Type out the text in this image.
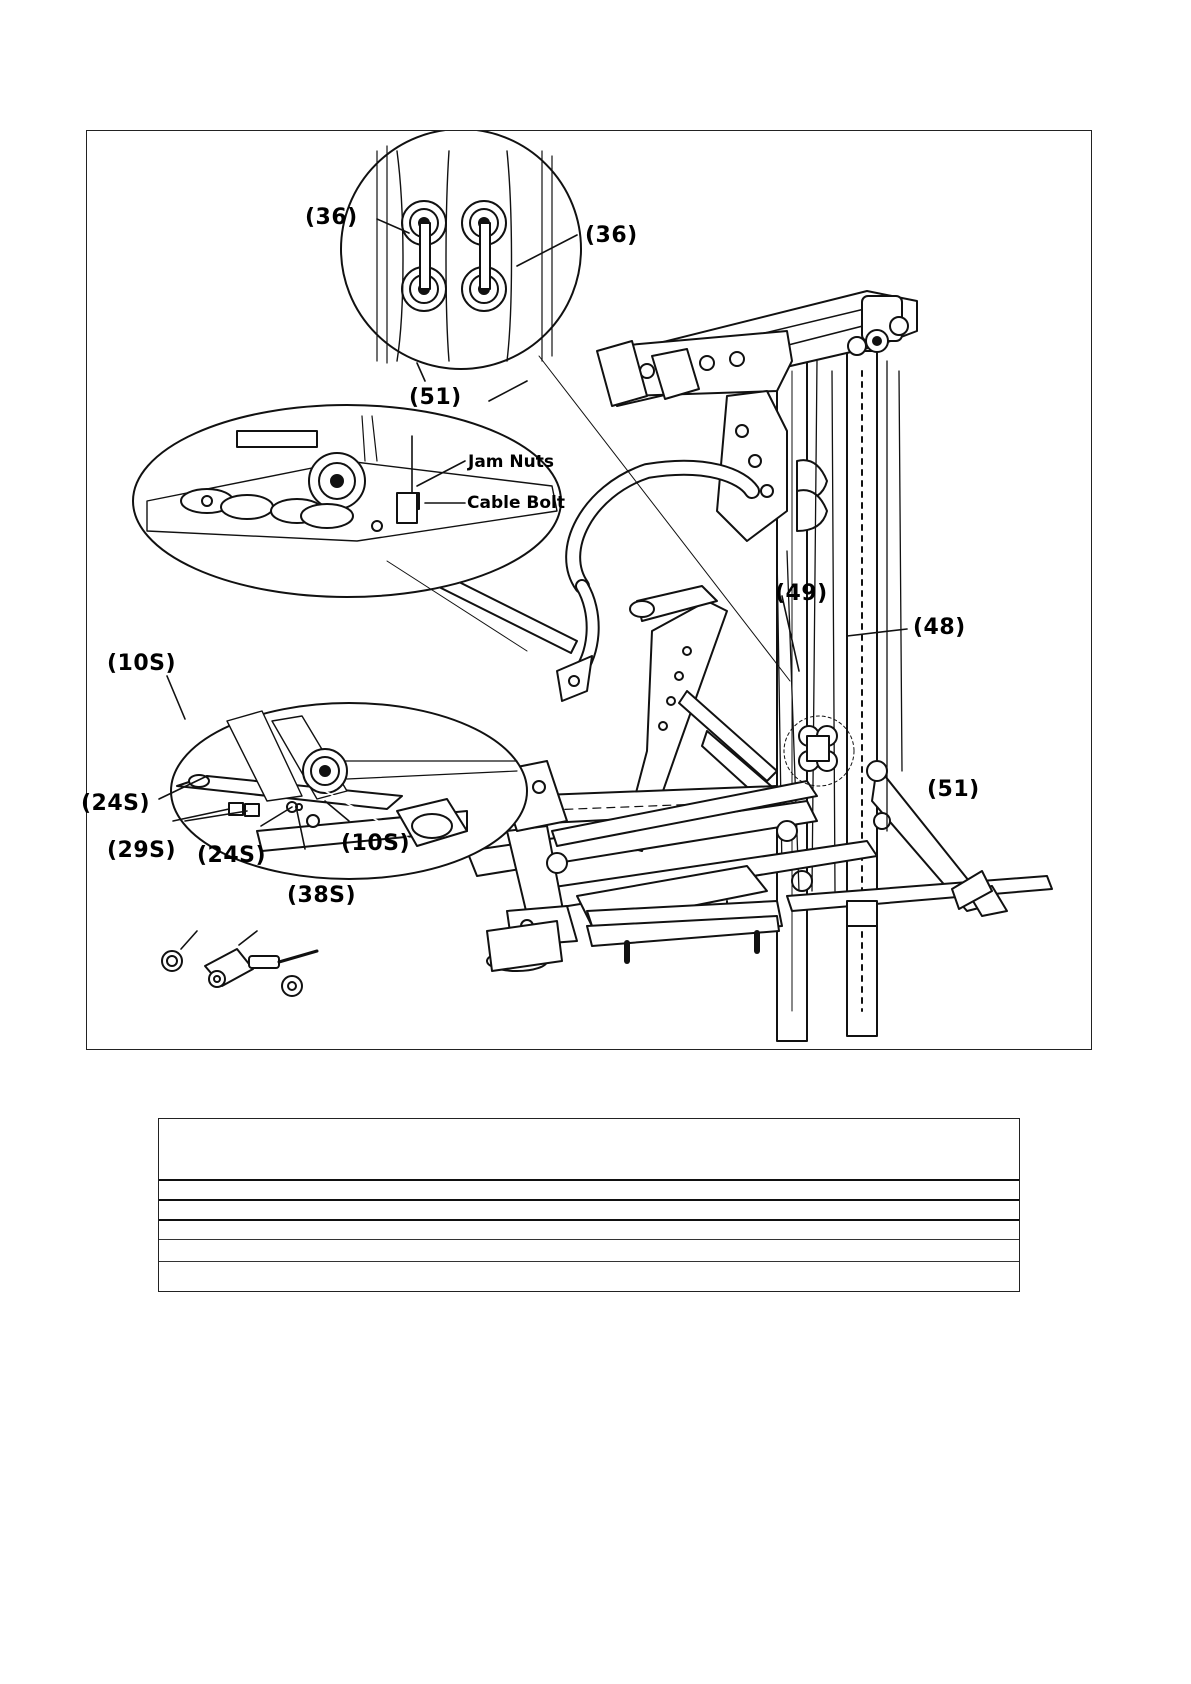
(36)
(36)
(51)
Jam Nuts
Cable Bolt
(49)
(48)
(51)
(10S)
(24S)
(29S) (24S)	(10S)
(38S)
